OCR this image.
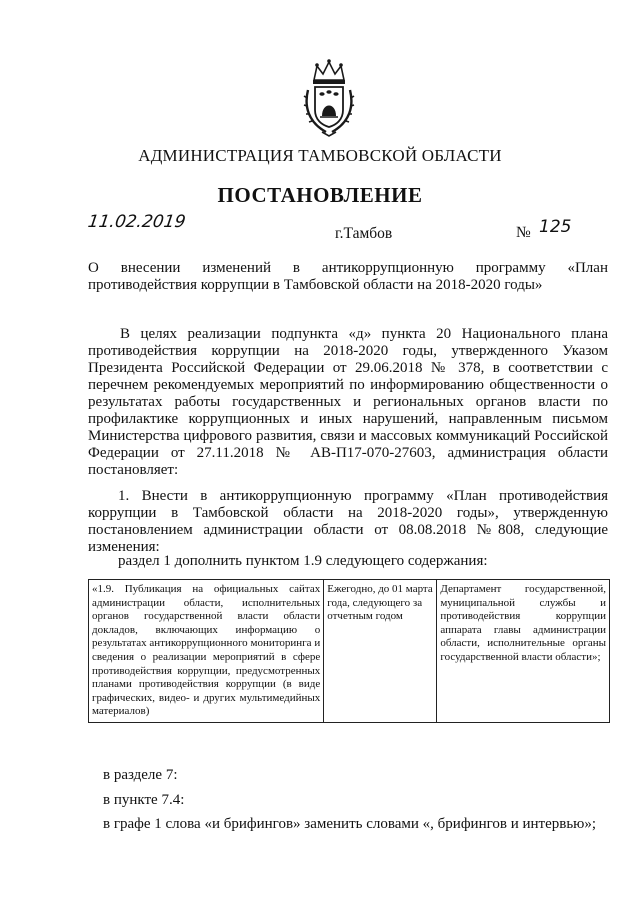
АДМИНИСТРАЦИЯ ТАМБОВСКОЙ ОБЛАСТИ
ПОСТАНОВЛЕНИЕ
11.02.2019
г.Тамбов	№ 125
О внесении изменений в антикоррупционную программу «План
противодействия коррупции в Тамбовской области на 2018-2020 годы»
В целях реализации подпункта «д» пункта 20 Национального плана противодействия коррупции на 2018-2020 годы, утвержденного Указом Президента Российской Федерации от 29.06.2018 № 378, в соответствии с перечнем рекомендуемых мероприятий по информированию общественности о результатах работы государственных и региональных органов власти по профилактике коррупционных и иных нарушений, направленным письмом Министерства цифрового развития, связи и массовых коммуникаций Российской Федерации от 27.11.2018 № АВ-П17-070-27603, администрация области постановляет:
1. Внести в антикоррупционную программу «План противодействия коррупции в Тамбовской области на 2018-2020 годы», утвержденную постановлением администрации области от 08.08.2018 №808, следующие изменения:
раздел 1 дополнить пунктом 1.9 следующего содержания:
«1.9. Публикация на официальных сайтах администрации области, исполнительных органов государственной власти области докладов, включающих информацию о результатах антикоррупционного мониторинга и сведения о реализации мероприятий в сфере противодействия коррупции, предусмотренных планами противодействия коррупции (в виде графических, видео- и других мультимедийных материалов)	Ежегодно, до 01 марта года, следующего за отчетным годом	Департамент государственной, муниципальной службы и противодействия коррупции аппарата главы администрации области, исполнительные органы государственной власти области»;
в разделе 7:
в пункте 7.4:
в графе 1 слова «и брифингов» заменить словами «, брифингов и интервью»;
